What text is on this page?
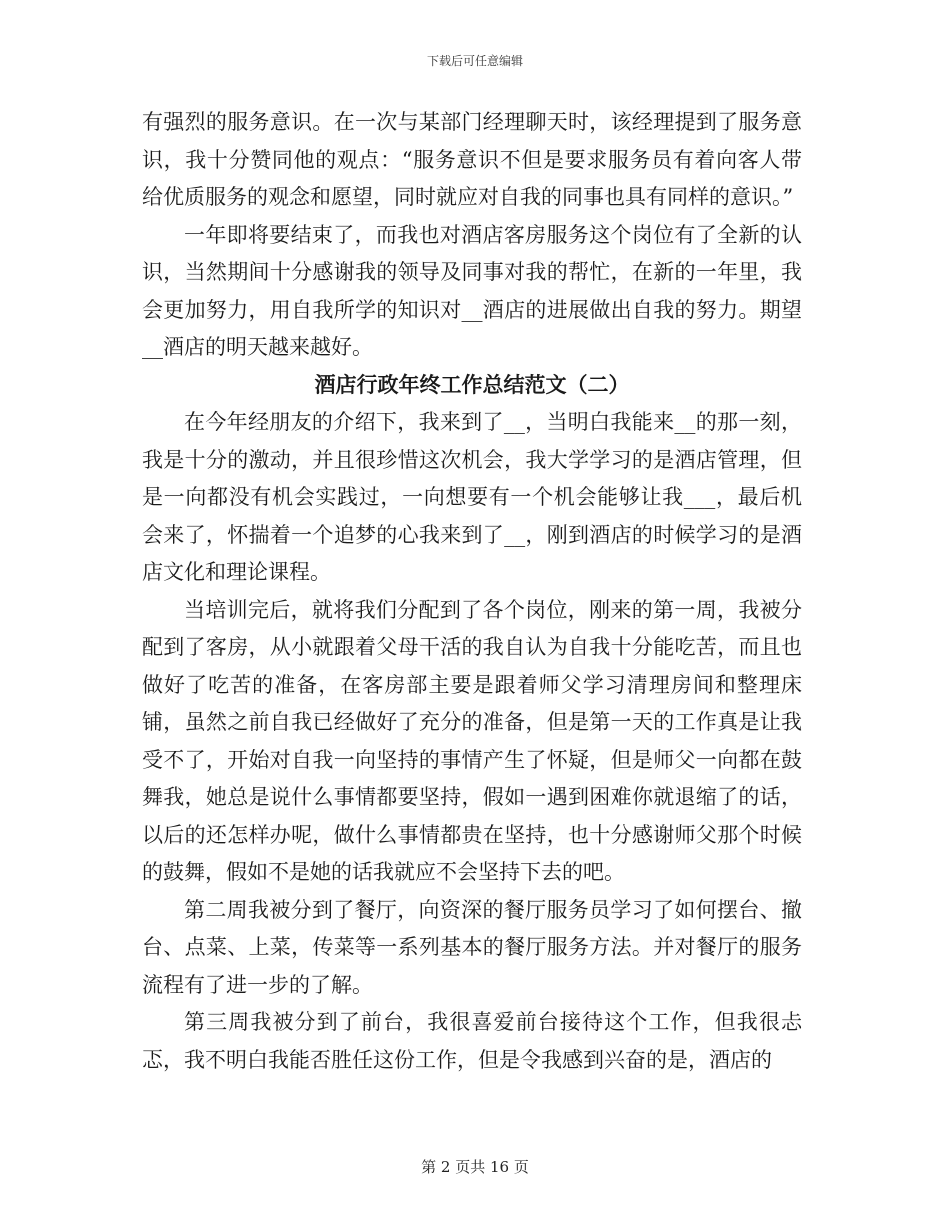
下载后可任意编辑

有强烈的服务意识。在一次与某部门经理聊天时，该经理提到了服务意识，我十分赞同他的观点：“服务意识不但是要求服务员有着向客人带给优质服务的观念和愿望，同时就应对自我的同事也具有同样的意识。”

一年即将要结束了，而我也对酒店客房服务这个岗位有了全新的认识，当然期间十分感谢我的领导及同事对我的帮忙，在新的一年里，我会更加努力，用自我所学的知识对__酒店的进展做出自我的努力。期望__酒店的明天越来越好。

酒店行政年终工作总结范文（二）

在今年经朋友的介绍下，我来到了__，当明白我能来__的那一刻，我是十分的激动，并且很珍惜这次机会，我大学学习的是酒店管理，但是一向都没有机会实践过，一向想要有一个机会能够让我___，最后机会来了，怀揣着一个追梦的心我来到了__，刚到酒店的时候学习的是酒店文化和理论课程。

当培训完后，就将我们分配到了各个岗位，刚来的第一周，我被分配到了客房，从小就跟着父母干活的我自认为自我十分能吃苦，而且也做好了吃苦的准备，在客房部主要是跟着师父学习清理房间和整理床铺，虽然之前自我已经做好了充分的准备，但是第一天的工作真是让我受不了，开始对自我一向坚持的事情产生了怀疑，但是师父一向都在鼓舞我，她总是说什么事情都要坚持，假如一遇到困难你就退缩了的话，以后的还怎样办呢，做什么事情都贵在坚持，也十分感谢师父那个时候的鼓舞，假如不是她的话我就应不会坚持下去的吧。

第二周我被分到了餐厅，向资深的餐厅服务员学习了如何摆台、撤台、点菜、上菜，传菜等一系列基本的餐厅服务方法。并对餐厅的服务流程有了进一步的了解。

第三周我被分到了前台，我很喜爱前台接待这个工作，但我很忐忑，我不明白我能否胜任这份工作，但是令我感到兴奋的是，酒店的

第 2 页共 16 页
